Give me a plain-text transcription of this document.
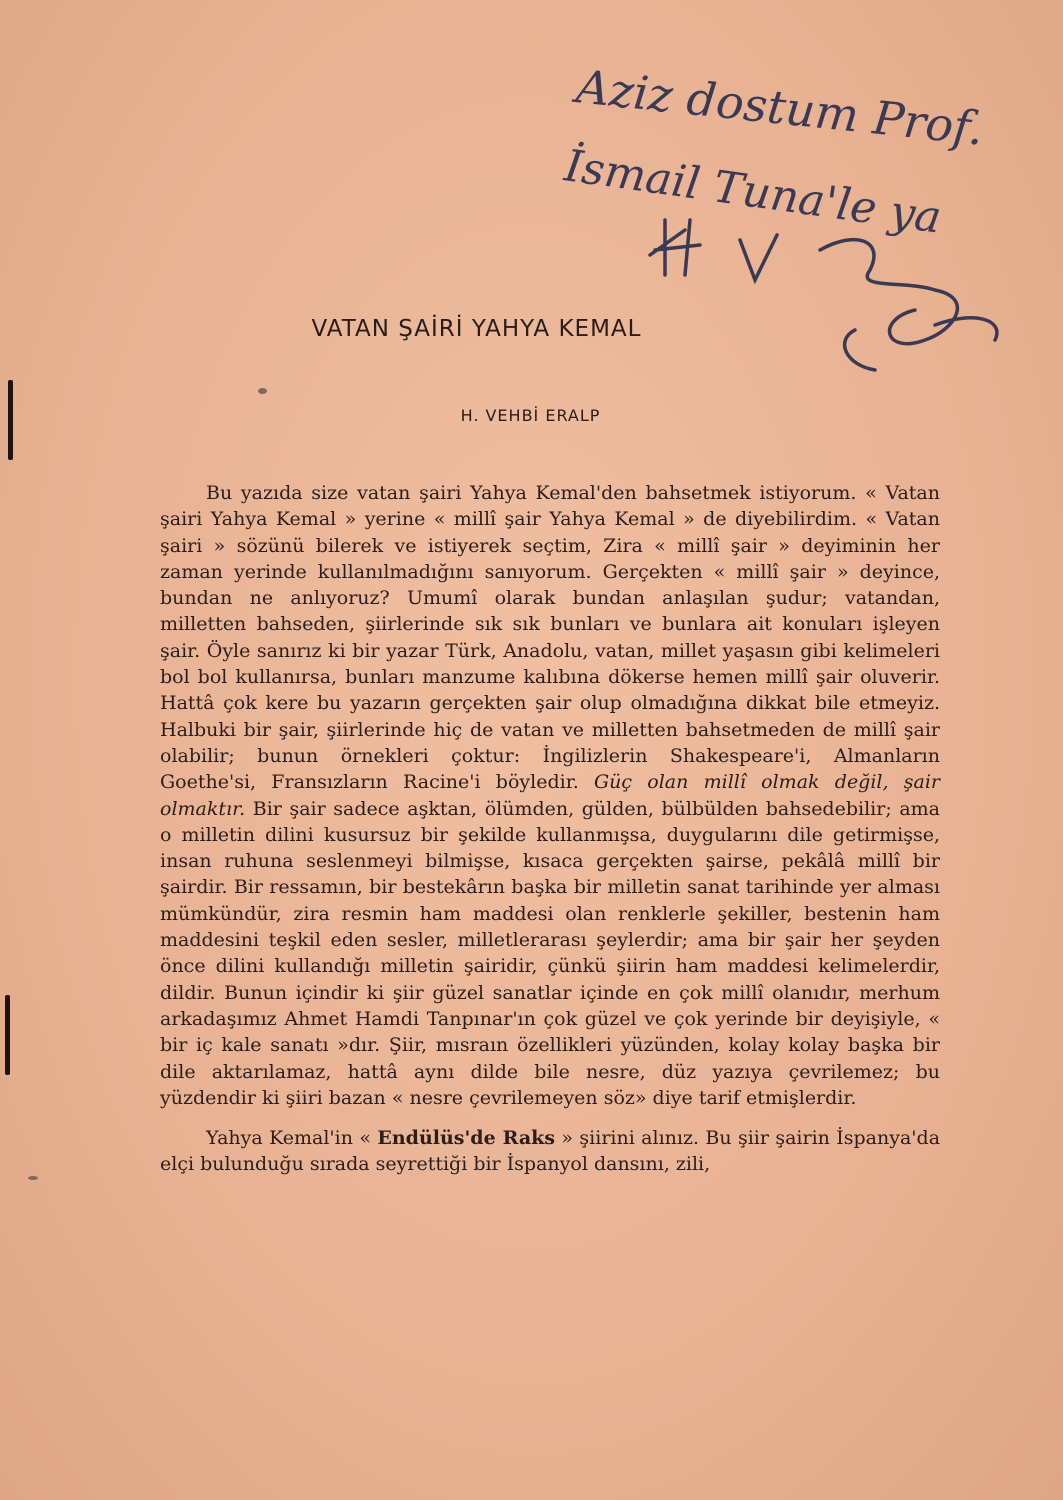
Aziz dostum Prof.
İsmail Tuna'le ya
VATAN ŞAİRİ YAHYA KEMAL
H. VEHBİ ERALP

Bu yazıda size vatan şairi Yahya Kemal'den bahsetmek istiyorum. « Vatan şairi Yahya Kemal » yerine « millî şair Yahya Kemal » de diyebilirdim. « Vatan şairi » sözünü bilerek ve istiyerek seçtim, Zira « millî şair » deyiminin her zaman yerinde kullanılmadığını sanıyorum. Gerçekten « millî şair » deyince, bundan ne anlıyoruz? Umumî olarak bundan anlaşılan şudur; vatandan, milletten bahseden, şiirlerinde sık sık bunları ve bunlara ait konuları işleyen şair. Öyle sanırız ki bir yazar Türk, Anadolu, vatan, millet yaşasın gibi kelimeleri bol bol kullanırsa, bunları manzume kalıbına dökerse hemen millî şair oluverir. Hattâ çok kere bu yazarın gerçekten şair olup olmadığına dikkat bile etmeyiz. Halbuki bir şair, şiirlerinde hiç de vatan ve milletten bahsetmeden de millî şair olabilir; bunun örnekleri çoktur: İngilizlerin Shakespeare'i, Almanların Goethe'si, Fransızların Racine'i böyledir. Güç olan millî olmak değil, şair olmaktır. Bir şair sadece aşktan, ölümden, gülden, bülbülden bahsedebilir; ama o milletin dilini kusursuz bir şekilde kullanmışsa, duygularını dile getirmişse, insan ruhuna seslenmeyi bilmişse, kısaca gerçekten şairse, pekâlâ millî bir şairdir. Bir ressamın, bir bestekârın başka bir milletin sanat tarihinde yer alması mümkündür, zira resmin ham maddesi olan renklerle şekiller, bestenin ham maddesini teşkil eden sesler, milletlerarası şeylerdir; ama bir şair her şeyden önce dilini kullandığı milletin şairidir, çünkü şiirin ham maddesi kelimelerdir, dildir. Bunun içindir ki şiir güzel sanatlar içinde en çok millî olanıdır, merhum arkadaşımız Ahmet Hamdi Tanpınar'ın çok güzel ve çok yerinde bir deyişiyle, « bir iç kale sanatı »dır. Şiir, mısraın özellikleri yüzünden, kolay kolay başka bir dile aktarılamaz, hattâ aynı dilde bile nesre, düz yazıya çevrilemez; bu yüzdendir ki şiiri bazan « nesre çevrilemeyen söz» diye tarif etmişlerdir.

Yahya Kemal'in « Endülüs'de Raks » şiirini alınız. Bu şiir şairin İspanya'da elçi bulunduğu sırada seyrettiği bir İspanyol dansını, zili,
